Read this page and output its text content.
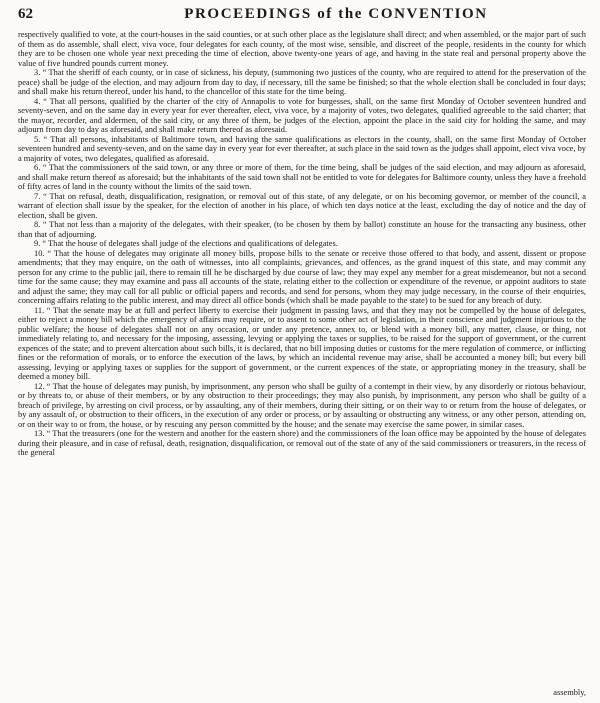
62	PROCEEDINGS of the CONVENTION

respectively qualified to vote, at the court-houses in the said counties, or at such other place as the legislature shall direct; and when assembled, or the major part of such of them as do assemble, shall elect, viva voce, four delegates for each county, of the most wise, sensible, and discreet of the people, residents in the county for which they are to be chosen one whole year next preceding the time of election, above twenty-one years of age, and having in the state real and personal property above the value of five hundred pounds current money.

3. “ That the sheriff of each county, or in case of sickness, his deputy, (summoning two justices of the county, who are required to attend for the preservation of the peace) shall be judge of the election, and may adjourn from day to day, if necessary, till the same be finished; so that the whole election shall be concluded in four days; and shall make his return thereof, under his hand, to the chancellor of this state for the time being.

4. “ That all persons, qualified by the charter of the city of Annapolis to vote for burgesses, shall, on the same first Monday of October seventeen hundred and seventy-seven, and on the same day in every year for ever thereafter, elect, viva voce, by a majority of votes, two delegates, qualified agreeable to the said charter; that the mayor, recorder, and aldermen, of the said city, or any three of them, be judges of the election, appoint the place in the said city for holding the same, and may adjourn from day to day as aforesaid, and shall make return thereof as aforesaid.

5. “ That all persons, inhabitants of Baltimore town, and having the same qualifications as electors in the county, shall, on the same first Monday of October seventeen hundred and seventy-seven, and on the same day in every year for ever thereafter, at such place in the said town as the judges shall appoint, elect viva voce, by a majority of votes, two delegates, qualified as aforesaid.

6. “ That the commissioners of the said town, or any three or more of them, for the time being, shall be judges of the said election, and may adjourn as aforesaid, and shall make return thereof as aforesaid; but the inhabitants of the said town shall not be entitled to vote for delegates for Baltimore county, unless they have a freehold of fifty acres of land in the county without the limits of the said town.

7. “ That on refusal, death, disqualification, resignation, or removal out of this state, of any delegate, or on his becoming governor, or member of the council, a warrant of election shall issue by the speaker, for the election of another in his place, of which ten days notice at the least, excluding the day of notice and the day of election, shall be given.

8. “ That not less than a majority of the delegates, with their speaker, (to be chosen by them by ballot) constitute an house for the transacting any business, other than that of adjourning.

9. “ That the house of delegates shall judge of the elections and qualifications of delegates.

10. “ That the house of delegates may originate all money bills, propose bills to the senate or receive those offered to that body, and assent, dissent or propose amendments; that they may enquire, on the oath of witnesses, into all complaints, grievances, and offences, as the grand inquest of this state, and may commit any person for any crime to the public jail, there to remain till he be discharged by due course of law; they may expel any member for a great misdemeanor, but not a second time for the same cause; they may examine and pass all accounts of the state, relating either to the collection or expenditure of the revenue, or appoint auditors to state and adjust the same; they may call for all public or official papers and records, and send for persons, whom they may judge necessary, in the course of their enquiries, concerning affairs relating to the public interest, and may direct all office bonds (which shall be made payable to the state) to be sued for any breach of duty.

11. “ That the senate may be at full and perfect liberty to exercise their judgment in passing laws, and that they may not be compelled by the house of delegates, either to reject a money bill which the emergency of affairs may require, or to assent to some other act of legislation, in their conscience and judgment injurious to the public welfare; the house of delegates shall not on any occasion, or under any pretence, annex to, or blend with a money bill, any matter, clause, or thing, not immediately relating to, and necessary for the imposing, assessing, levying or applying the taxes or supplies, to be raised for the support of government, or the current expences of the state; and to prevent altercation about such bills, it is declared, that no bill imposing duties or customs for the mere regulation of commerce, or inflicting fines or the reformation of morals, or to enforce the execution of the laws, by which an incidental revenue may arise, shall be accounted a money bill; but every bill assessing, levying or applying taxes or supplies for the support of government, or the current expences of the state, or appropriating money in the treasury, shall be deemed a money bill.

12. “ That the house of delegates may punish, by imprisonment, any person who shall be guilty of a contempt in their view, by any disorderly or riotous behaviour, or by threats to, or abuse of their members, or by any obstruction to their proceedings; they may also punish, by imprisonment, any person who shall be guilty of a breach of privilege, by arresting on civil process, or by assaulting, any of their members, during their sitting, or on their way to or return from the house of delegates, or by any assault of, or obstruction to their officers, in the execution of any order or process, or by assaulting or obstructing any witness, or any other person, attending on, or on their way to or from, the house, or by rescuing any person committed by the house; and the senate may exercise the same power, in similar cases.

13. “ That the treasurers (one for the western and another for the eastern shore) and the commissioners of the loan office may be appointed by the house of delegates during their pleasure, and in case of refusal, death, resignation, disqualification, or removal out of the state of any of the said commissioners or treasurers, in the recess of the general

assembly,
